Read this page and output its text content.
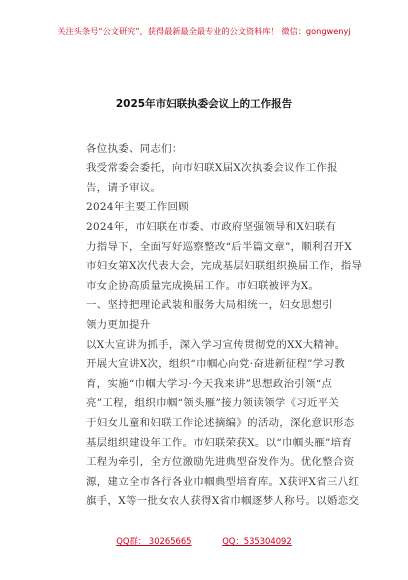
关注头条号“公文研究”，获得最新最全最专业的公文资料库！ 微信：gongwenyj
2025年市妇联执委会议上的工作报告
各位执委、同志们：
我受常委会委托，向市妇联X届X次执委会议作工作报
告，请予审议。
2024年主要工作回顾
2024年，市妇联在市委、市政府坚强领导和X妇联有
力指导下，全面写好巡察整改“后半篇文章”，顺利召开X
市妇女第X次代表大会，完成基层妇联组织换届工作，指导
市女企协高质量完成换届工作。市妇联被评为X。
一、坚持把理论武装和服务大局相统一，妇女思想引
领力更加提升
以X大宣讲为抓手，深入学习宣传贯彻党的XX大精神。
开展大宣讲X次，组织“巾帼心向党·奋进新征程”学习教
育，实施“巾帼大学习·今天我来讲”思想政治引领“点
亮”工程，组织巾帼“领头雁”接力领读领学《习近平关
于妇女儿童和妇联工作论述摘编》的活动，深化意识形态
基层组织建设年工作。市妇联荣获X。以“巾帼头雁”培育
工程为牵引，全方位激励先进典型奋发作为。优化整合资
源，建立全市各行各业巾帼典型培育库。X获评X省三八红
旗手，X等一批女农人获得X省巾帼逐梦人称号。以婚恋交
QQ群： 30265665	QQ：535304092
